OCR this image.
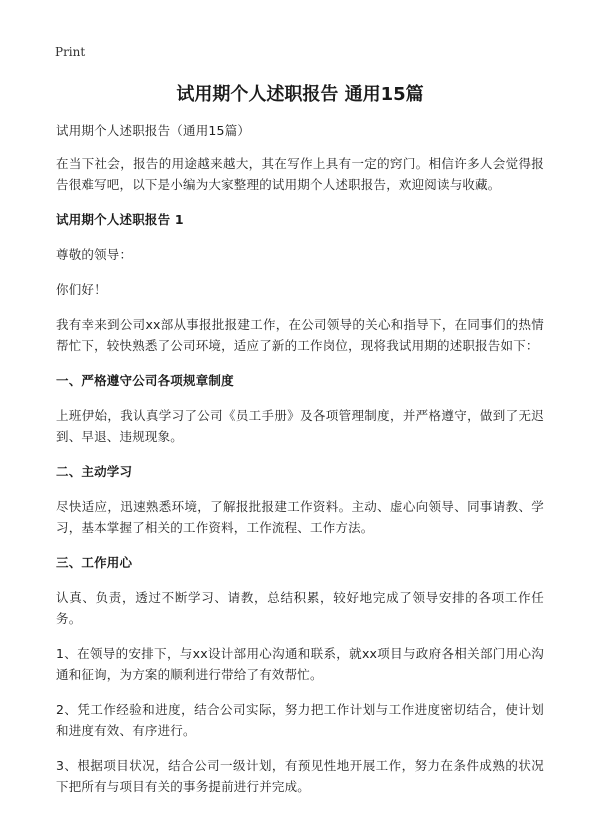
Print
试用期个人述职报告 通用15篇

试用期个人述职报告（通用15篇）

在当下社会，报告的用途越来越大，其在写作上具有一定的窍门。相信许多人会觉得报告很难写吧，以下是小编为大家整理的试用期个人述职报告，欢迎阅读与收藏。

试用期个人述职报告 1

尊敬的领导：

你们好！

我有幸来到公司xx部从事报批报建工作，在公司领导的关心和指导下，在同事们的热情帮忙下，较快熟悉了公司环境，适应了新的工作岗位，现将我试用期的述职报告如下：

一、严格遵守公司各项规章制度

上班伊始，我认真学习了公司《员工手册》及各项管理制度，并严格遵守，做到了无迟到、早退、违规现象。

二、主动学习

尽快适应，迅速熟悉环境，了解报批报建工作资料。主动、虚心向领导、同事请教、学习，基本掌握了相关的工作资料，工作流程、工作方法。

三、工作用心

认真、负责，透过不断学习、请教，总结积累，较好地完成了领导安排的各项工作任务。

1、在领导的安排下，与xx设计部用心沟通和联系，就xx项目与政府各相关部门用心沟通和征询，为方案的顺利进行带给了有效帮忙。

2、凭工作经验和进度，结合公司实际，努力把工作计划与工作进度密切结合，使计划和进度有效、有序进行。

3、根据项目状况，结合公司一级计划，有预见性地开展工作，努力在条件成熟的状况下把所有与项目有关的事务提前进行并完成。
